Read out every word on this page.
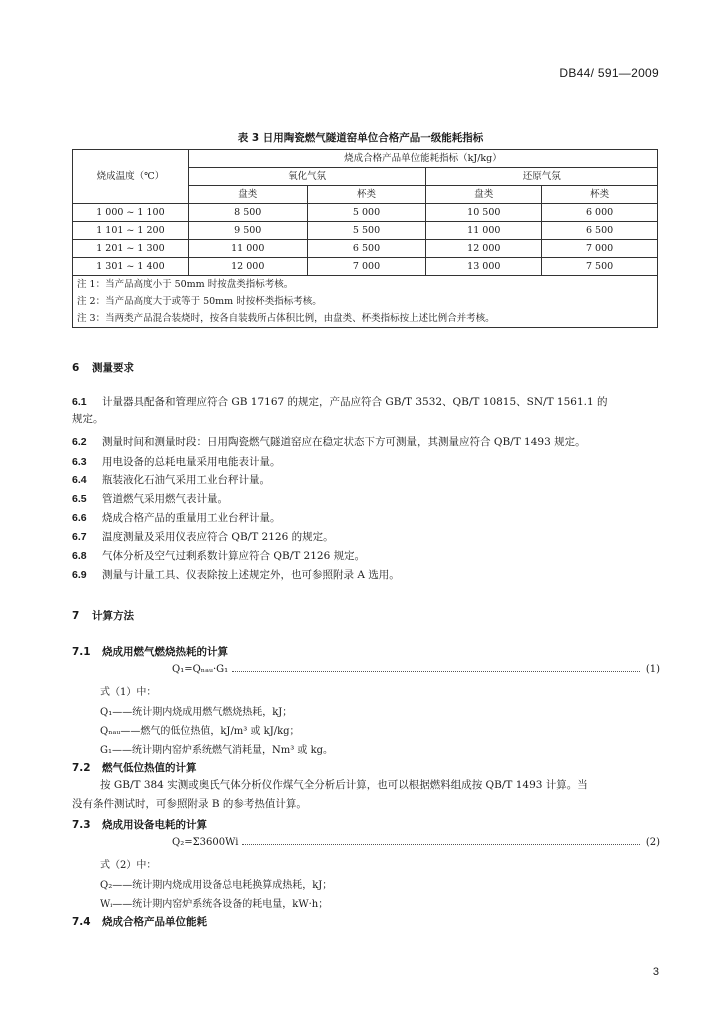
DB44/ 591—2009
表 3 日用陶瓷燃气隧道窑单位合格产品一级能耗指标
烧成温度（℃）	烧成合格产品单位能耗指标（kJ/kg）			
	氧化气氛		还原气氛	
	盘类	杯类	盘类	杯类
1 000 ~ 1 100	8 500	5 000	10 500	6 000
1 101 ~ 1 200	9 500	5 500	11 000	6 500
1 201 ~ 1 300	11 000	6 500	12 000	7 000
1 301 ~ 1 400	12 000	7 000	13 000	7 500
注 1：当产品高度小于 50mm 时按盘类指标考核。				
注 2：当产品高度大于或等于 50mm 时按杯类指标考核。				
注 3：当两类产品混合装烧时，按各自装载所占体积比例，由盘类、杯类指标按上述比例合并考核。				
6 测量要求
6.1 计量器具配备和管理应符合 GB 17167 的规定，产品应符合 GB/T 3532、QB/T 10815、SN/T 1561.1 的
规定。
6.2 测量时间和测量时段：日用陶瓷燃气隧道窑应在稳定状态下方可测量，其测量应符合 QB/T 1493 规定。
6.3 用电设备的总耗电量采用电能表计量。
6.4 瓶装液化石油气采用工业台秤计量。
6.5 管道燃气采用燃气表计量。
6.6 烧成合格产品的重量用工业台秤计量。
6.7 温度测量及采用仪表应符合 QB/T 2126 的规定。
6.8 气体分析及空气过剩系数计算应符合 QB/T 2126 规定。
6.9 测量与计量工具、仪表除按上述规定外，也可参照附录 A 选用。
7 计算方法
7.1 烧成用燃气燃烧热耗的计算
Q₁=Qₙₐᵤ·G₁	(1)
式（1）中：
Q₁——统计期内烧成用燃气燃烧热耗，kJ；
Qₙₐᵤ——燃气的低位热值，kJ/m³ 或 kJ/kg；
G₁——统计期内窑炉系统燃气消耗量，Nm³ 或 kg。
7.2 燃气低位热值的计算
按 GB/T 384 实测或奥氏气体分析仪作煤气全分析后计算，也可以根据燃料组成按 QB/T 1493 计算。当
没有条件测试时，可参照附录 B 的参考热值计算。
7.3 烧成用设备电耗的计算
Q₂=Σ3600Wi	(2)
式（2）中：
Q₂——统计期内烧成用设备总电耗换算成热耗，kJ；
Wᵢ——统计期内窑炉系统各设备的耗电量，kW·h；
7.4 烧成合格产品单位能耗
3
